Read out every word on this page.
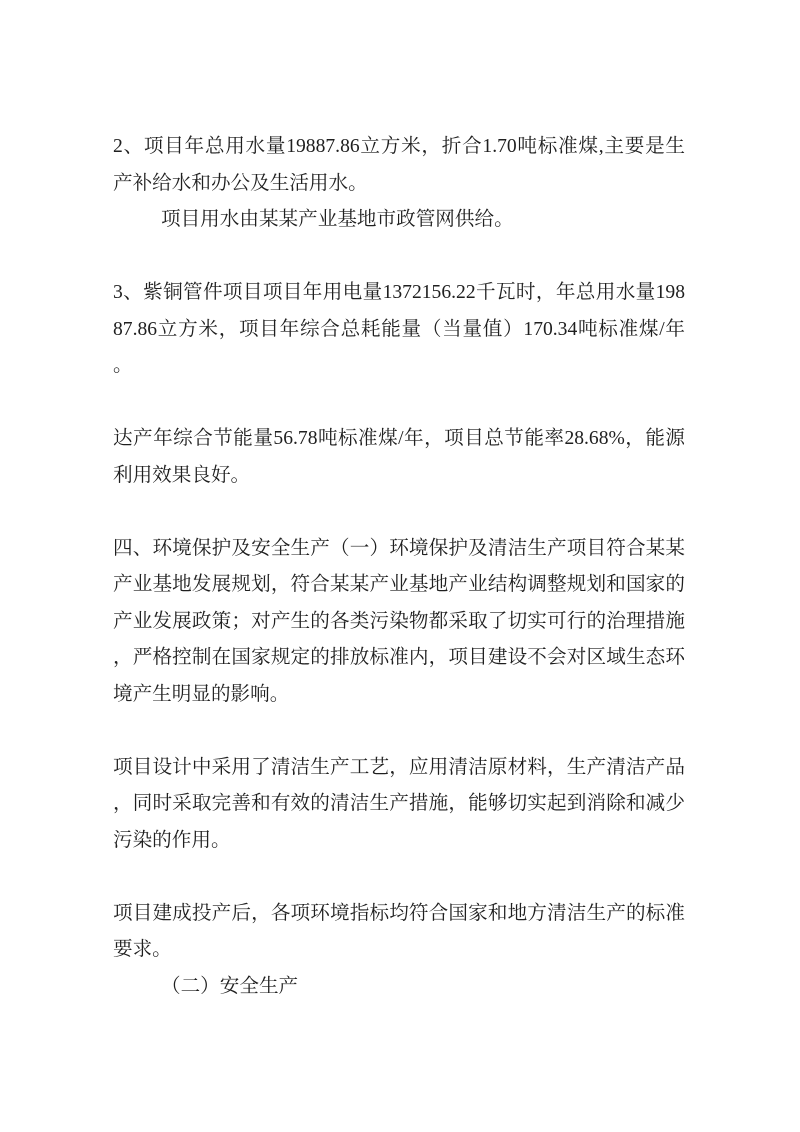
2、项目年总用水量19887.86立方米，折合1.70吨标准煤,主要是生产补给水和办公及生活用水。

项目用水由某某产业基地市政管网供给。

3、紫铜管件项目项目年用电量1372156.22千瓦时，年总用水量19887.86立方米，项目年综合总耗能量（当量值）170.34吨标准煤/年。

达产年综合节能量56.78吨标准煤/年，项目总节能率28.68%，能源利用效果良好。

四、环境保护及安全生产（一）环境保护及清洁生产项目符合某某产业基地发展规划，符合某某产业基地产业结构调整规划和国家的产业发展政策；对产生的各类污染物都采取了切实可行的治理措施，严格控制在国家规定的排放标准内，项目建设不会对区域生态环境产生明显的影响。

项目设计中采用了清洁生产工艺，应用清洁原材料，生产清洁产品，同时采取完善和有效的清洁生产措施，能够切实起到消除和减少污染的作用。

项目建成投产后，各项环境指标均符合国家和地方清洁生产的标准要求。

（二）安全生产
